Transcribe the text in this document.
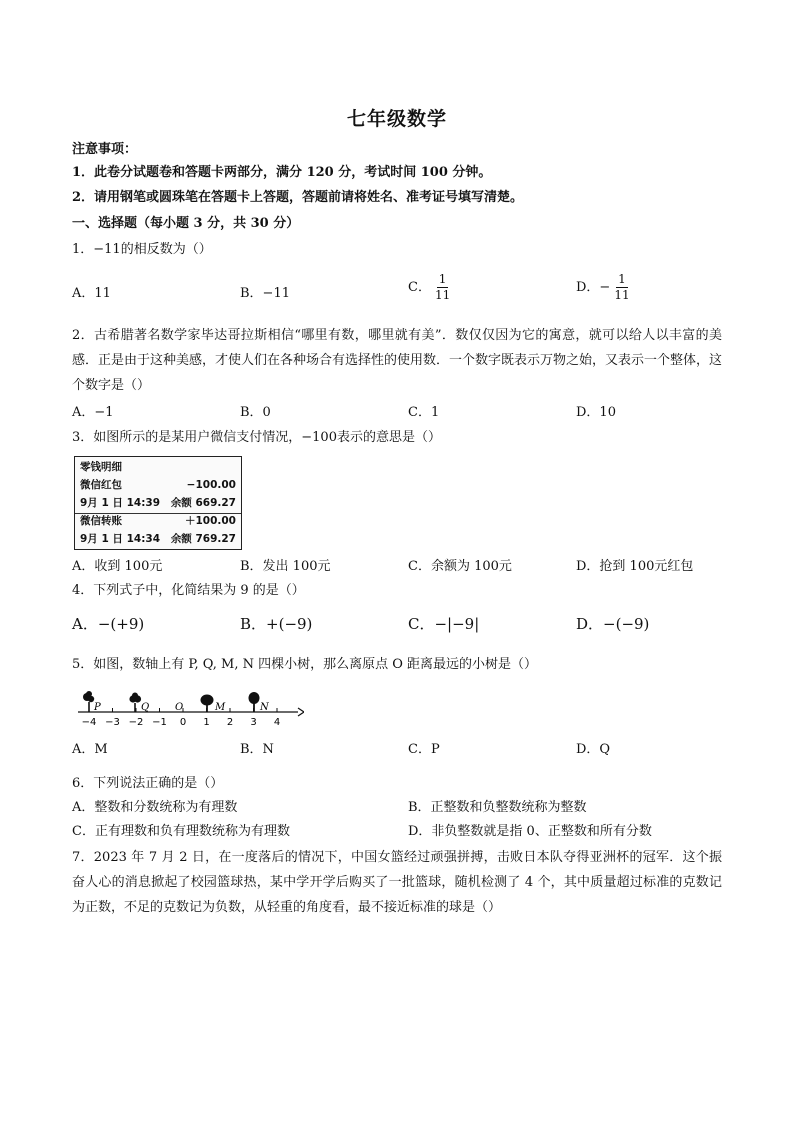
七年级数学
注意事项：
1．此卷分试题卷和答题卡两部分，满分 120 分，考试时间 100 分钟。
2．请用钢笔或圆珠笔在答题卡上答题，答题前请将姓名、准考证号填写清楚。
一、选择题（每小题 3 分，共 30 分）
1．−11的相反数为（）
A．11	B．−11	C． $\frac{1}{11}$	D．− $\frac{1}{11}$
2．古希腊著名数学家毕达哥拉斯相信“哪里有数，哪里就有美”．数仅仅因为它的寓意，就可以给人以丰富的美感．正是由于这种美感，才使人们在各种场合有选择性的使用数．一个数字既表示万物之始，又表示一个整体，这个数字是（）
A．−1	B．0	C．1	D．10
3．如图所示的是某用户微信支付情况，−100表示的意思是（）
零钱明细
微信红包	−100.00
9月 1 日 14:39 余额 669.27
微信转账	＋100.00
9月 1 日 14:34 余额 769.27
A．收到 100元	B．发出 100元	C．余额为 100元	D．抢到 100元红包
4．下列式子中，化简结果为 9 的是（）
A．−(+9)	B．+(−9)	C．−|−9|	D．−(−9)
5．如图，数轴上有 P, Q, M, N 四棵小树，那么离原点 O 距离最远的小树是（）
−4 −3 −2 −1 0 1 2 3 4
P	Q	O	M	N
A．M	B．N	C．P	D．Q
6．下列说法正确的是（）
A．整数和分数统称为有理数	B．正整数和负整数统称为整数
C．正有理数和负有理数统称为有理数	D．非负整数就是指 0、正整数和所有分数
7．2023 年 7 月 2 日，在一度落后的情况下，中国女篮经过顽强拼搏，击败日本队夺得亚洲杯的冠军．这个振奋人心的消息掀起了校园篮球热，某中学开学后购买了一批篮球，随机检测了 4 个，其中质量超过标准的克数记为正数，不足的克数记为负数，从轻重的角度看，最不接近标准的球是（）
